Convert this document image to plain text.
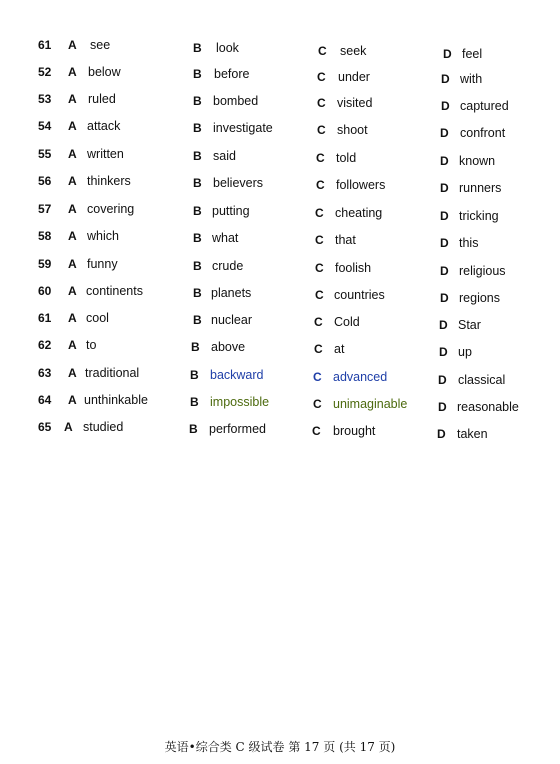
61	A see	B look	C seek	D feel
52	A below	B before	C under	D with
53	A ruled	B bombed	C visited	D captured
54	A attack	B investigate	C shoot	D confront
55	A written	B said	C told	D known
56	A thinkers	B believers	C followers	D runners
57	A covering	B putting	C cheating	D tricking
58	A which	B what	C that	D this
59	A funny	B crude	C foolish	D religious
60	A continents	B planets	C countries	D regions
61	A cool	B nuclear	C Cold	D Star
62	A to	B above	C at	D up
63	A traditional	B backward	C advanced	D classical
64	A unthinkable	B impossible	C unimaginable	D reasonable
65	A studied	B performed	C brought	D taken
英语•综合类 C 级试卷 第 17 页 (共 17 页)
